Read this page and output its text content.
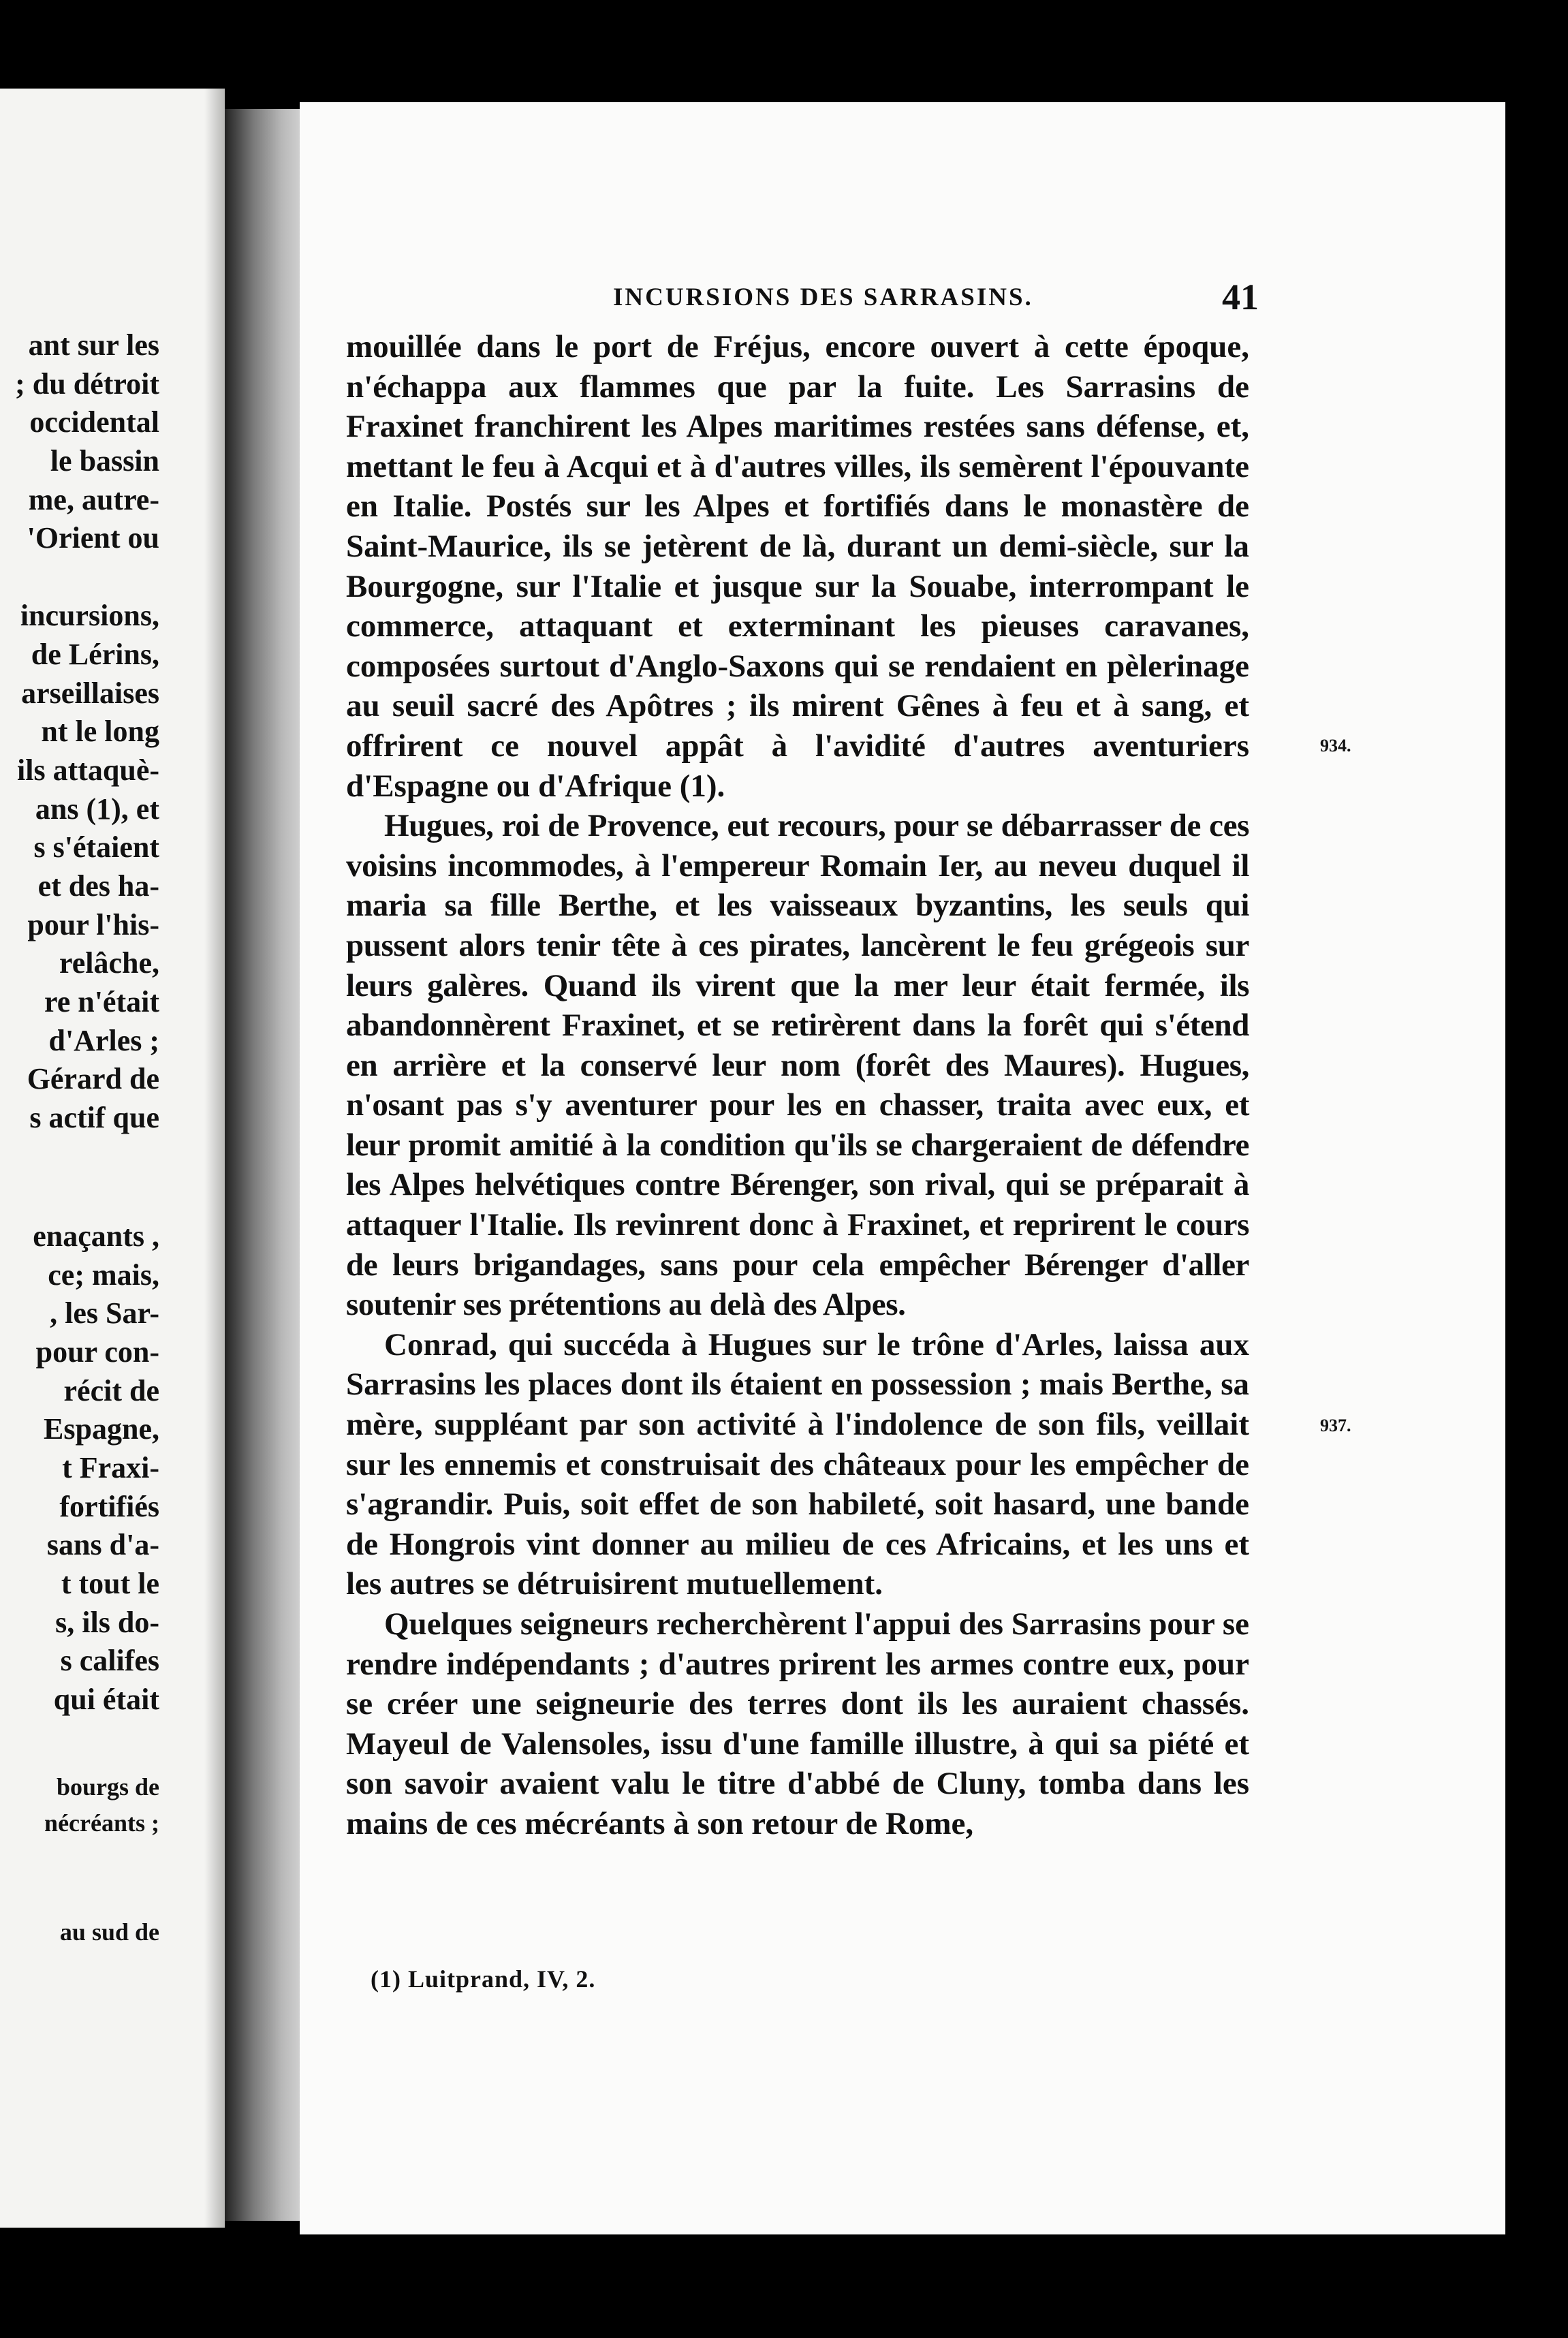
ant sur les
; du détroit
occidental
le bassin
me, autre-
'Orient ou
incursions,
de Lérins,
arseillaises
nt le long
ils attaquè-
ans (1), et
s s'étaient
et des ha-
pour l'his-
relâche,
re n'était
d'Arles ;
Gérard de
s actif que
enaçants ,
ce; mais,
, les Sar-
pour con-
récit de
Espagne,
t Fraxi-
fortifiés
sans d'a-
t tout le
s, ils do-
s califes
qui était
bourgs de
nécréants ;
au sud de
INCURSIONS DES SARRASINS.	41

mouillée dans le port de Fréjus, encore ouvert à cette époque, n'échappa aux flammes que par la fuite. Les Sarrasins de Fraxinet franchirent les Alpes maritimes restées sans défense, et, mettant le feu à Acqui et à d'autres villes, ils semèrent l'épouvante en Italie. Postés sur les Alpes et fortifiés dans le monastère de Saint-Maurice, ils se jetèrent de là, durant un demi-siècle, sur la Bourgogne, sur l'Italie et jusque sur la Souabe, interrompant le commerce, attaquant et exterminant les pieuses caravanes, composées surtout d'Anglo-Saxons qui se rendaient en pèlerinage au seuil sacré des Apôtres ; ils mirent Gênes à feu et à sang, et offrirent ce nouvel appât à l'avidité d'autres aventuriers d'Espagne ou d'Afrique (1).

Hugues, roi de Provence, eut recours, pour se débarrasser de ces voisins incommodes, à l'empereur Romain Ier, au neveu duquel il maria sa fille Berthe, et les vaisseaux byzantins, les seuls qui pussent alors tenir tête à ces pirates, lancèrent le feu grégeois sur leurs galères. Quand ils virent que la mer leur était fermée, ils abandonnèrent Fraxinet, et se retirèrent dans la forêt qui s'étend en arrière et la conservé leur nom (forêt des Maures). Hugues, n'osant pas s'y aventurer pour les en chasser, traita avec eux, et leur promit amitié à la condition qu'ils se chargeraient de défendre les Alpes helvétiques contre Bérenger, son rival, qui se préparait à attaquer l'Italie. Ils revinrent donc à Fraxinet, et reprirent le cours de leurs brigandages, sans pour cela empêcher Bérenger d'aller soutenir ses prétentions au delà des Alpes.

Conrad, qui succéda à Hugues sur le trône d'Arles, laissa aux Sarrasins les places dont ils étaient en possession ; mais Berthe, sa mère, suppléant par son activité à l'indolence de son fils, veillait sur les ennemis et construisait des châteaux pour les empêcher de s'agrandir. Puis, soit effet de son habileté, soit hasard, une bande de Hongrois vint donner au milieu de ces Africains, et les uns et les autres se détruisirent mutuellement.

Quelques seigneurs recherchèrent l'appui des Sarrasins pour se rendre indépendants ; d'autres prirent les armes contre eux, pour se créer une seigneurie des terres dont ils les auraient chassés. Mayeul de Valensoles, issu d'une famille illustre, à qui sa piété et son savoir avaient valu le titre d'abbé de Cluny, tomba dans les mains de ces mécréants à son retour de Rome,

934.
937.
(1) Luitprand, IV, 2.
